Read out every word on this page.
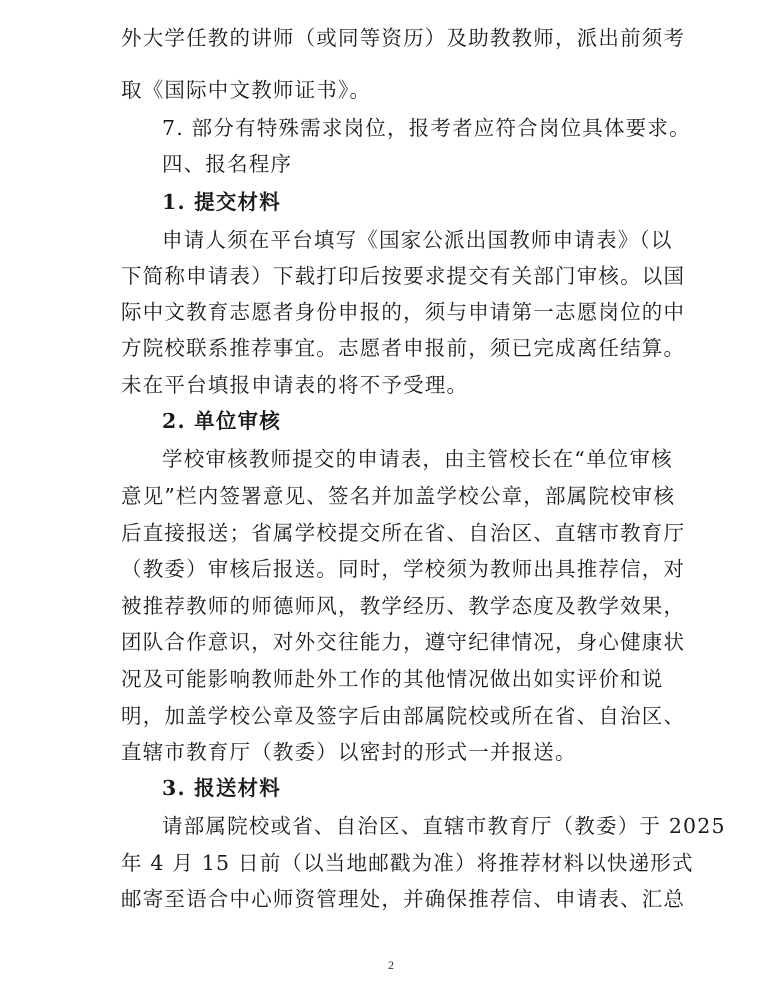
外大学任教的讲师（或同等资历）及助教教师，派出前须考
取《国际中文教师证书》。
7. 部分有特殊需求岗位，报考者应符合岗位具体要求。
四、报名程序
1. 提交材料
申请人须在平台填写《国家公派出国教师申请表》（以
下简称申请表）下载打印后按要求提交有关部门审核。以国
际中文教育志愿者身份申报的，须与申请第一志愿岗位的中
方院校联系推荐事宜。志愿者申报前，须已完成离任结算。
未在平台填报申请表的将不予受理。
2. 单位审核
学校审核教师提交的申请表，由主管校长在“单位审核
意见”栏内签署意见、签名并加盖学校公章，部属院校审核
后直接报送；省属学校提交所在省、自治区、直辖市教育厅
（教委）审核后报送。同时，学校须为教师出具推荐信，对
被推荐教师的师德师风，教学经历、教学态度及教学效果，
团队合作意识，对外交往能力，遵守纪律情况，身心健康状
况及可能影响教师赴外工作的其他情况做出如实评价和说
明，加盖学校公章及签字后由部属院校或所在省、自治区、
直辖市教育厅（教委）以密封的形式一并报送。
3. 报送材料
请部属院校或省、自治区、直辖市教育厅（教委）于 2025
年 4 月 15 日前（以当地邮戳为准）将推荐材料以快递形式
邮寄至语合中心师资管理处，并确保推荐信、申请表、汇总
2
